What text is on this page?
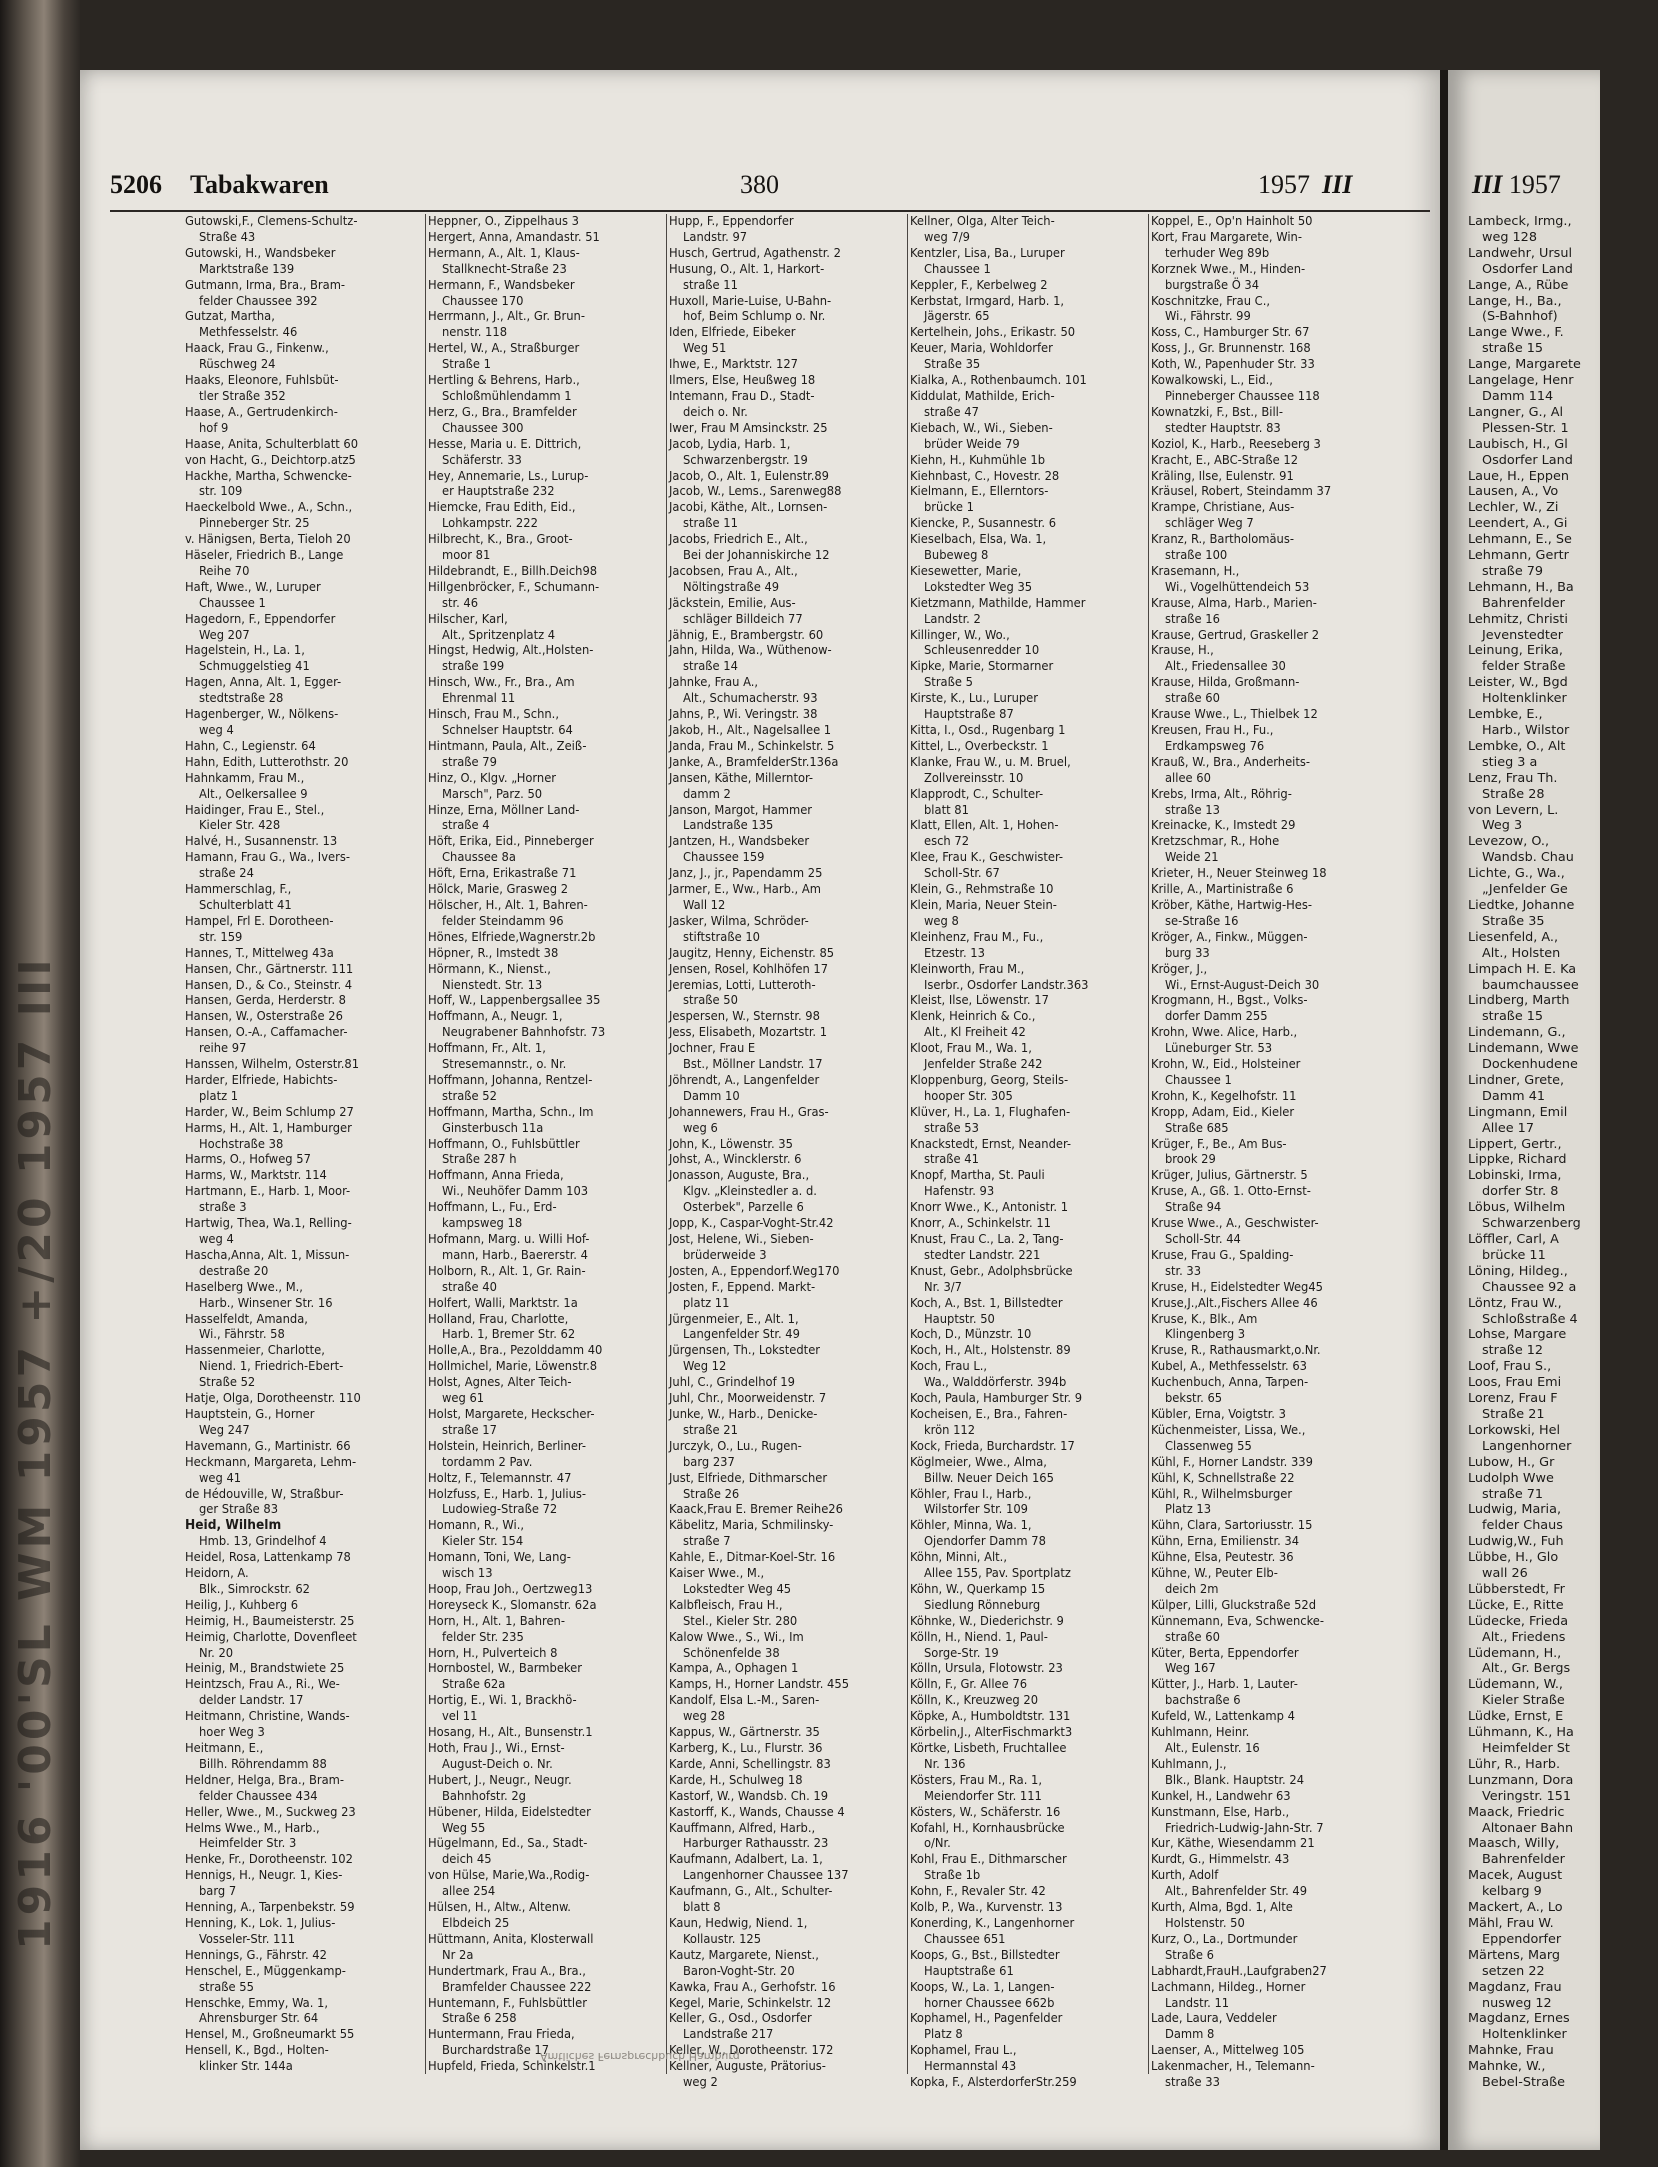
1916 '00'SL WM 1957 +/20 1957 III
III 1957
Lambeck, Irmg.,
weg 128
Landwehr, Ursul
Osdorfer Land
Lange, A., Rübe
Lange, H., Ba.,
(S-Bahnhof)
Lange Wwe., F.
straße 15
Lange, Margarete
Langelage, Henr
Damm 114
Langner, G., Al
Plessen-Str. 1
Laubisch, H., Gl
Osdorfer Land
Laue, H., Eppen
Lausen, A., Vo
Lechler, W., Zi
Leendert, A., Gi
Lehmann, E., Se
Lehmann, Gertr
straße 79
Lehmann, H., Ba
Bahrenfelder
Lehmitz, Christi
Jevenstedter
Leinung, Erika,
felder Straße
Leister, W., Bgd
Holtenklinker
Lembke, E.,
Harb., Wilstor
Lembke, O., Alt
stieg 3 a
Lenz, Frau Th.
Straße 28
von Levern, L.
Weg 3
Levezow, O.,
Wandsb. Chau
Lichte, G., Wa.,
„Jenfelder Ge
Liedtke, Johanne
Straße 35
Liesenfeld, A.,
Alt., Holsten
Limpach H. E. Ka
baumchaussee
Lindberg, Marth
straße 15
Lindemann, G.,
Lindemann, Wwe
Dockenhudene
Lindner, Grete,
Damm 41
Lingmann, Emil
Allee 17
Lippert, Gertr.,
Lippke, Richard
Lobinski, Irma,
dorfer Str. 8
Löbus, Wilhelm
Schwarzenberg
Löffler, Carl, A
brücke 11
Löning, Hildeg.,
Chaussee 92 a
Löntz, Frau W.,
Schloßstraße 4
Lohse, Margare
straße 12
Loof, Frau S.,
Loos, Frau Emi
Lorenz, Frau F
Straße 21
Lorkowski, Hel
Langenhorner
Lubow, H., Gr
Ludolph Wwe
straße 71
Ludwig, Maria,
felder Chaus
Ludwig,W., Fuh
Lübbe, H., Glo
wall 26
Lübberstedt, Fr
Lücke, E., Ritte
Lüdecke, Frieda
Alt., Friedens
Lüdemann, H.,
Alt., Gr. Bergs
Lüdemann, W.,
Kieler Straße
Lüdke, Ernst, E
Lühmann, K., Ha
Heimfelder St
Lühr, R., Harb.
Lunzmann, Dora
Veringstr. 151
Maack, Friedric
Altonaer Bahn
Maasch, Willy,
Bahrenfelder
Macek, August
kelbarg 9
Mackert, A., Lo
Mähl, Frau W.
Eppendorfer
Märtens, Marg
setzen 22
Magdanz, Frau
nusweg 12
Magdanz, Ernes
Holtenklinker
Mahnke, Frau
Mahnke, W.,
Bebel-Straße
5206 Tabakwaren	380	1957 III
Gutowski,F., Clemens-Schultz-
Straße 43
Gutowski, H., Wandsbeker
Marktstraße 139
Gutmann, Irma, Bra., Bram-
felder Chaussee 392
Gutzat, Martha,
Methfesselstr. 46
Haack, Frau G., Finkenw.,
Rüschweg 24
Haaks, Eleonore, Fuhlsbüt-
tler Straße 352
Haase, A., Gertrudenkirch-
hof 9
Haase, Anita, Schulterblatt 60
von Hacht, G., Deichtorp.atz5
Hackhe, Martha, Schwencke-
str. 109
Haeckelbold Wwe., A., Schn.,
Pinneberger Str. 25
v. Hänigsen, Berta, Tieloh 20
Häseler, Friedrich B., Lange
Reihe 70
Haft, Wwe., W., Luruper
Chaussee 1
Hagedorn, F., Eppendorfer
Weg 207
Hagelstein, H., La. 1,
Schmuggelstieg 41
Hagen, Anna, Alt. 1, Egger-
stedtstraße 28
Hagenberger, W., Nölkens-
weg 4
Hahn, C., Legienstr. 64
Hahn, Edith, Lutterothstr. 20
Hahnkamm, Frau M.,
Alt., Oelkersallee 9
Haidinger, Frau E., Stel.,
Kieler Str. 428
Halvé, H., Susannenstr. 13
Hamann, Frau G., Wa., Ivers-
straße 24
Hammerschlag, F.,
Schulterblatt 41
Hampel, Frl E. Dorotheen-
str. 159
Hannes, T., Mittelweg 43a
Hansen, Chr., Gärtnerstr. 111
Hansen, D., & Co., Steinstr. 4
Hansen, Gerda, Herderstr. 8
Hansen, W., Osterstraße 26
Hansen, O.-A., Caffamacher-
reihe 97
Hanssen, Wilhelm, Osterstr.81
Harder, Elfriede, Habichts-
platz 1
Harder, W., Beim Schlump 27
Harms, H., Alt. 1, Hamburger
Hochstraße 38
Harms, O., Hofweg 57
Harms, W., Marktstr. 114
Hartmann, E., Harb. 1, Moor-
straße 3
Hartwig, Thea, Wa.1, Relling-
weg 4
Hascha,Anna, Alt. 1, Missun-
destraße 20
Haselberg Wwe., M.,
Harb., Winsener Str. 16
Hasselfeldt, Amanda,
Wi., Fährstr. 58
Hassenmeier, Charlotte,
Niend. 1, Friedrich-Ebert-
Straße 52
Hatje, Olga, Dorotheenstr. 110
Hauptstein, G., Horner
Weg 247
Havemann, G., Martinistr. 66
Heckmann, Margareta, Lehm-
weg 41
de Hédouville, W, Straßbur-
ger Straße 83
Heid, Wilhelm
Hmb. 13, Grindelhof 4
Heidel, Rosa, Lattenkamp 78
Heidorn, A.
Blk., Simrockstr. 62
Heilig, J., Kuhberg 6
Heimig, H., Baumeisterstr. 25
Heimig, Charlotte, Dovenfleet
Nr. 20
Heinig, M., Brandstwiete 25
Heintzsch, Frau A., Ri., We-
delder Landstr. 17
Heitmann, Christine, Wands-
hoer Weg 3
Heitmann, E.,
Billh. Röhrendamm 88
Heldner, Helga, Bra., Bram-
felder Chaussee 434
Heller, Wwe., M., Suckweg 23
Helms Wwe., M., Harb.,
Heimfelder Str. 3
Henke, Fr., Dorotheenstr. 102
Hennigs, H., Neugr. 1, Kies-
barg 7
Henning, A., Tarpenbekstr. 59
Henning, K., Lok. 1, Julius-
Vosseler-Str. 111
Hennings, G., Fährstr. 42
Henschel, E., Müggenkamp-
straße 55
Henschke, Emmy, Wa. 1,
Ahrensburger Str. 64
Hensel, M., Großneumarkt 55
Hensell, K., Bgd., Holten-
klinker Str. 144a
Heppner, O., Zippelhaus 3
Hergert, Anna, Amandastr. 51
Hermann, A., Alt. 1, Klaus-
Stallknecht-Straße 23
Hermann, F., Wandsbeker
Chaussee 170
Herrmann, J., Alt., Gr. Brun-
nenstr. 118
Hertel, W., A., Straßburger
Straße 1
Hertling & Behrens, Harb.,
Schloßmühlendamm 1
Herz, G., Bra., Bramfelder
Chaussee 300
Hesse, Maria u. E. Dittrich,
Schäferstr. 33
Hey, Annemarie, Ls., Lurup-
er Hauptstraße 232
Hiemcke, Frau Edith, Eid.,
Lohkampstr. 222
Hilbrecht, K., Bra., Groot-
moor 81
Hildebrandt, E., Billh.Deich98
Hillgenbröcker, F., Schumann-
str. 46
Hilscher, Karl,
Alt., Spritzenplatz 4
Hingst, Hedwig, Alt.,Holsten-
straße 199
Hinsch, Ww., Fr., Bra., Am
Ehrenmal 11
Hinsch, Frau M., Schn.,
Schnelser Hauptstr. 64
Hintmann, Paula, Alt., Zeiß-
straße 79
Hinz, O., Klgv. „Horner
Marsch", Parz. 50
Hinze, Erna, Möllner Land-
straße 4
Höft, Erika, Eid., Pinneberger
Chaussee 8a
Höft, Erna, Erikastraße 71
Hölck, Marie, Grasweg 2
Hölscher, H., Alt. 1, Bahren-
felder Steindamm 96
Hönes, Elfriede,Wagnerstr.2b
Höpner, R., Imstedt 38
Hörmann, K., Nienst.,
Nienstedt. Str. 13
Hoff, W., Lappenbergsallee 35
Hoffmann, A., Neugr. 1,
Neugrabener Bahnhofstr. 73
Hoffmann, Fr., Alt. 1,
Stresemannstr., o. Nr.
Hoffmann, Johanna, Rentzel-
straße 52
Hoffmann, Martha, Schn., Im
Ginsterbusch 11a
Hoffmann, O., Fuhlsbüttler
Straße 287 h
Hoffmann, Anna Frieda,
Wi., Neuhöfer Damm 103
Hoffmann, L., Fu., Erd-
kampsweg 18
Hofmann, Marg. u. Willi Hof-
mann, Harb., Baererstr. 4
Holborn, R., Alt. 1, Gr. Rain-
straße 40
Holfert, Walli, Marktstr. 1a
Holland, Frau, Charlotte,
Harb. 1, Bremer Str. 62
Holle,A., Bra., Pezolddamm 40
Hollmichel, Marie, Löwenstr.8
Holst, Agnes, Alter Teich-
weg 61
Holst, Margarete, Heckscher-
straße 17
Holstein, Heinrich, Berliner-
tordamm 2 Pav.
Holtz, F., Telemannstr. 47
Holzfuss, E., Harb. 1, Julius-
Ludowieg-Straße 72
Homann, R., Wi.,
Kieler Str. 154
Homann, Toni, We, Lang-
wisch 13
Hoop, Frau Joh., Oertzweg13
Horeyseck K., Slomanstr. 62a
Horn, H., Alt. 1, Bahren-
felder Str. 235
Horn, H., Pulverteich 8
Hornbostel, W., Barmbeker
Straße 62a
Hortig, E., Wi. 1, Brackhö-
vel 11
Hosang, H., Alt., Bunsenstr.1
Hoth, Frau J., Wi., Ernst-
August-Deich o. Nr.
Hubert, J., Neugr., Neugr.
Bahnhofstr. 2g
Hübener, Hilda, Eidelstedter
Weg 55
Hügelmann, Ed., Sa., Stadt-
deich 45
von Hülse, Marie,Wa.,Rodig-
allee 254
Hülsen, H., Altw., Altenw.
Elbdeich 25
Hüttmann, Anita, Klosterwall
Nr 2a
Hundertmark, Frau A., Bra.,
Bramfelder Chaussee 222
Huntemann, F., Fuhlsbüttler
Straße 6 258
Huntermann, Frau Frieda,
Burchardstraße 17
Hupfeld, Frieda, Schinkelstr.1
Hupp, F., Eppendorfer
Landstr. 97
Husch, Gertrud, Agathenstr. 2
Husung, O., Alt. 1, Harkort-
straße 11
Huxoll, Marie-Luise, U-Bahn-
hof, Beim Schlump o. Nr.
Iden, Elfriede, Eibeker
Weg 51
Ihwe, E., Marktstr. 127
Ilmers, Else, Heußweg 18
Intemann, Frau D., Stadt-
deich o. Nr.
Iwer, Frau M Amsinckstr. 25
Jacob, Lydia, Harb. 1,
Schwarzenbergstr. 19
Jacob, O., Alt. 1, Eulenstr.89
Jacob, W., Lems., Sarenweg88
Jacobi, Käthe, Alt., Lornsen-
straße 11
Jacobs, Friedrich E., Alt.,
Bei der Johanniskirche 12
Jacobsen, Frau A., Alt.,
Nöltingstraße 49
Jäckstein, Emilie, Aus-
schläger Billdeich 77
Jähnig, E., Brambergstr. 60
Jahn, Hilda, Wa., Wüthenow-
straße 14
Jahnke, Frau A.,
Alt., Schumacherstr. 93
Jahns, P., Wi. Veringstr. 38
Jakob, H., Alt., Nagelsallee 1
Janda, Frau M., Schinkelstr. 5
Janke, A., BramfelderStr.136a
Jansen, Käthe, Millerntor-
damm 2
Janson, Margot, Hammer
Landstraße 135
Jantzen, H., Wandsbeker
Chaussee 159
Janz, J., jr., Papendamm 25
Jarmer, E., Ww., Harb., Am
Wall 12
Jasker, Wilma, Schröder-
stiftstraße 10
Jaugitz, Henny, Eichenstr. 85
Jensen, Rosel, Kohlhöfen 17
Jeremias, Lotti, Lutteroth-
straße 50
Jespersen, W., Sternstr. 98
Jess, Elisabeth, Mozartstr. 1
Jochner, Frau E
Bst., Möllner Landstr. 17
Jöhrendt, A., Langenfelder
Damm 10
Johannewers, Frau H., Gras-
weg 6
John, K., Löwenstr. 35
Johst, A., Wincklerstr. 6
Jonasson, Auguste, Bra.,
Klgv. „Kleinstedler a. d.
Osterbek", Parzelle 6
Jopp, K., Caspar-Voght-Str.42
Jost, Helene, Wi., Sieben-
brüderweide 3
Josten, A., Eppendorf.Weg170
Josten, F., Eppend. Markt-
platz 11
Jürgenmeier, E., Alt. 1,
Langenfelder Str. 49
Jürgensen, Th., Lokstedter
Weg 12
Juhl, C., Grindelhof 19
Juhl, Chr., Moorweidenstr. 7
Junke, W., Harb., Denicke-
straße 21
Jurczyk, O., Lu., Rugen-
barg 237
Just, Elfriede, Dithmarscher
Straße 26
Kaack,Frau E. Bremer Reihe26
Käbelitz, Maria, Schmilinsky-
straße 7
Kahle, E., Ditmar-Koel-Str. 16
Kaiser Wwe., M.,
Lokstedter Weg 45
Kalbfleisch, Frau H.,
Stel., Kieler Str. 280
Kalow Wwe., S., Wi., Im
Schönenfelde 38
Kampa, A., Ophagen 1
Kamps, H., Horner Landstr. 455
Kandolf, Elsa L.-M., Saren-
weg 28
Kappus, W., Gärtnerstr. 35
Karberg, K., Lu., Flurstr. 36
Karde, Anni, Schellingstr. 83
Karde, H., Schulweg 18
Kastorf, W., Wandsb. Ch. 19
Kastorff, K., Wands, Chausse 4
Kauffmann, Alfred, Harb.,
Harburger Rathausstr. 23
Kaufmann, Adalbert, La. 1,
Langenhorner Chaussee 137
Kaufmann, G., Alt., Schulter-
blatt 8
Kaun, Hedwig, Niend. 1,
Kollaustr. 125
Kautz, Margarete, Nienst.,
Baron-Voght-Str. 20
Kawka, Frau A., Gerhofstr. 16
Kegel, Marie, Schinkelstr. 12
Keller, G., Osd., Osdorfer
Landstraße 217
Keller, W., Dorotheenstr. 172
Kellner, Auguste, Prätorius-
weg 2
Kellner, Olga, Alter Teich-
weg 7/9
Kentzler, Lisa, Ba., Luruper
Chaussee 1
Keppler, F., Kerbelweg 2
Kerbstat, Irmgard, Harb. 1,
Jägerstr. 65
Kertelhein, Johs., Erikastr. 50
Keuer, Maria, Wohldorfer
Straße 35
Kialka, A., Rothenbaumch. 101
Kiddulat, Mathilde, Erich-
straße 47
Kiebach, W., Wi., Sieben-
brüder Weide 79
Kiehn, H., Kuhmühle 1b
Kiehnbast, C., Hovestr. 28
Kielmann, E., Ellerntors-
brücke 1
Kiencke, P., Susannestr. 6
Kieselbach, Elsa, Wa. 1,
Bubeweg 8
Kiesewetter, Marie,
Lokstedter Weg 35
Kietzmann, Mathilde, Hammer
Landstr. 2
Killinger, W., Wo.,
Schleusenredder 10
Kipke, Marie, Stormarner
Straße 5
Kirste, K., Lu., Luruper
Hauptstraße 87
Kitta, I., Osd., Rugenbarg 1
Kittel, L., Overbeckstr. 1
Klanke, Frau W., u. M. Bruel,
Zollvereinsstr. 10
Klapprodt, C., Schulter-
blatt 81
Klatt, Ellen, Alt. 1, Hohen-
esch 72
Klee, Frau K., Geschwister-
Scholl-Str. 67
Klein, G., Rehmstraße 10
Klein, Maria, Neuer Stein-
weg 8
Kleinhenz, Frau M., Fu.,
Etzestr. 13
Kleinworth, Frau M.,
Iserbr., Osdorfer Landstr.363
Kleist, Ilse, Löwenstr. 17
Klenk, Heinrich & Co.,
Alt., Kl Freiheit 42
Kloot, Frau M., Wa. 1,
Jenfelder Straße 242
Kloppenburg, Georg, Steils-
hooper Str. 305
Klüver, H., La. 1, Flughafen-
straße 53
Knackstedt, Ernst, Neander-
straße 41
Knopf, Martha, St. Pauli
Hafenstr. 93
Knorr Wwe., K., Antonistr. 1
Knorr, A., Schinkelstr. 11
Knust, Frau C., La. 2, Tang-
stedter Landstr. 221
Knust, Gebr., Adolphsbrücke
Nr. 3/7
Koch, A., Bst. 1, Billstedter
Hauptstr. 50
Koch, D., Münzstr. 10
Koch, H., Alt., Holstenstr. 89
Koch, Frau L.,
Wa., Walddörferstr. 394b
Koch, Paula, Hamburger Str. 9
Kocheisen, E., Bra., Fahren-
krön 112
Kock, Frieda, Burchardstr. 17
Köglmeier, Wwe., Alma,
Billw. Neuer Deich 165
Köhler, Frau I., Harb.,
Wilstorfer Str. 109
Köhler, Minna, Wa. 1,
Ojendorfer Damm 78
Köhn, Minni, Alt.,
Allee 155, Pav. Sportplatz
Köhn, W., Querkamp 15
Siedlung Rönneburg
Köhnke, W., Diederichstr. 9
Kölln, H., Niend. 1, Paul-
Sorge-Str. 19
Kölln, Ursula, Flotowstr. 23
Kölln, F., Gr. Allee 76
Kölln, K., Kreuzweg 20
Köpke, A., Humboldtstr. 131
Körbelin,J., AlterFischmarkt3
Körtke, Lisbeth, Fruchtallee
Nr. 136
Kösters, Frau M., Ra. 1,
Meiendorfer Str. 111
Kösters, W., Schäferstr. 16
Kofahl, H., Kornhausbrücke
o/Nr.
Kohl, Frau E., Dithmarscher
Straße 1b
Kohn, F., Revaler Str. 42
Kolb, P., Wa., Kurvenstr. 13
Konerding, K., Langenhorner
Chaussee 651
Koops, G., Bst., Billstedter
Hauptstraße 61
Koops, W., La. 1, Langen-
horner Chaussee 662b
Kophamel, H., Pagenfelder
Platz 8
Kophamel, Frau L.,
Hermannstal 43
Kopka, F., AlsterdorferStr.259
Koppel, E., Op'n Hainholt 50
Kort, Frau Margarete, Win-
terhuder Weg 89b
Korznek Wwe., M., Hinden-
burgstraße Ö 34
Koschnitzke, Frau C.,
Wi., Fährstr. 99
Koss, C., Hamburger Str. 67
Koss, J., Gr. Brunnenstr. 168
Koth, W., Papenhuder Str. 33
Kowalkowski, L., Eid.,
Pinneberger Chaussee 118
Kownatzki, F., Bst., Bill-
stedter Hauptstr. 83
Koziol, K., Harb., Reeseberg 3
Kracht, E., ABC-Straße 12
Kräling, Ilse, Eulenstr. 91
Kräusel, Robert, Steindamm 37
Krampe, Christiane, Aus-
schläger Weg 7
Kranz, R., Bartholomäus-
straße 100
Krasemann, H.,
Wi., Vogelhüttendeich 53
Krause, Alma, Harb., Marien-
straße 16
Krause, Gertrud, Graskeller 2
Krause, H.,
Alt., Friedensallee 30
Krause, Hilda, Großmann-
straße 60
Krause Wwe., L., Thielbek 12
Kreusen, Frau H., Fu.,
Erdkampsweg 76
Krauß, W., Bra., Anderheits-
allee 60
Krebs, Irma, Alt., Röhrig-
straße 13
Kreinacke, K., Imstedt 29
Kretzschmar, R., Hohe
Weide 21
Krieter, H., Neuer Steinweg 18
Krille, A., Martinistraße 6
Kröber, Käthe, Hartwig-Hes-
se-Straße 16
Kröger, A., Finkw., Müggen-
burg 33
Kröger, J.,
Wi., Ernst-August-Deich 30
Krogmann, H., Bgst., Volks-
dorfer Damm 255
Krohn, Wwe. Alice, Harb.,
Lüneburger Str. 53
Krohn, W., Eid., Holsteiner
Chaussee 1
Krohn, K., Kegelhofstr. 11
Kropp, Adam, Eid., Kieler
Straße 685
Krüger, F., Be., Am Bus-
brook 29
Krüger, Julius, Gärtnerstr. 5
Kruse, A., Gß. 1. Otto-Ernst-
Straße 94
Kruse Wwe., A., Geschwister-
Scholl-Str. 44
Kruse, Frau G., Spalding-
str. 33
Kruse, H., Eidelstedter Weg45
Kruse,J.,Alt.,Fischers Allee 46
Kruse, K., Blk., Am
Klingenberg 3
Kruse, R., Rathausmarkt,o.Nr.
Kubel, A., Methfesselstr. 63
Kuchenbuch, Anna, Tarpen-
bekstr. 65
Kübler, Erna, Voigtstr. 3
Küchenmeister, Lissa, We.,
Classenweg 55
Kühl, F., Horner Landstr. 339
Kühl, K, Schnellstraße 22
Kühl, R., Wilhelmsburger
Platz 13
Kühn, Clara, Sartoriusstr. 15
Kühn, Erna, Emilienstr. 34
Kühne, Elsa, Peutestr. 36
Kühne, W., Peuter Elb-
deich 2m
Külper, Lilli, Gluckstraße 52d
Künnemann, Eva, Schwencke-
straße 60
Küter, Berta, Eppendorfer
Weg 167
Kütter, J., Harb. 1, Lauter-
bachstraße 6
Kufeld, W., Lattenkamp 4
Kuhlmann, Heinr.
Alt., Eulenstr. 16
Kuhlmann, J.,
Blk., Blank. Hauptstr. 24
Kunkel, H., Landwehr 63
Kunstmann, Else, Harb.,
Friedrich-Ludwig-Jahn-Str. 7
Kur, Käthe, Wiesendamm 21
Kurdt, G., Himmelstr. 43
Kurth, Adolf
Alt., Bahrenfelder Str. 49
Kurth, Alma, Bgd. 1, Alte
Holstenstr. 50
Kurz, O., La., Dortmunder
Straße 6
Labhardt,FrauH.,Laufgraben27
Lachmann, Hildeg., Horner
Landstr. 11
Lade, Laura, Veddeler
Damm 8
Laenser, A., Mittelweg 105
Lakenmacher, H., Telemann-
straße 33
Amtliches Fernsprechbuch Hamburg
